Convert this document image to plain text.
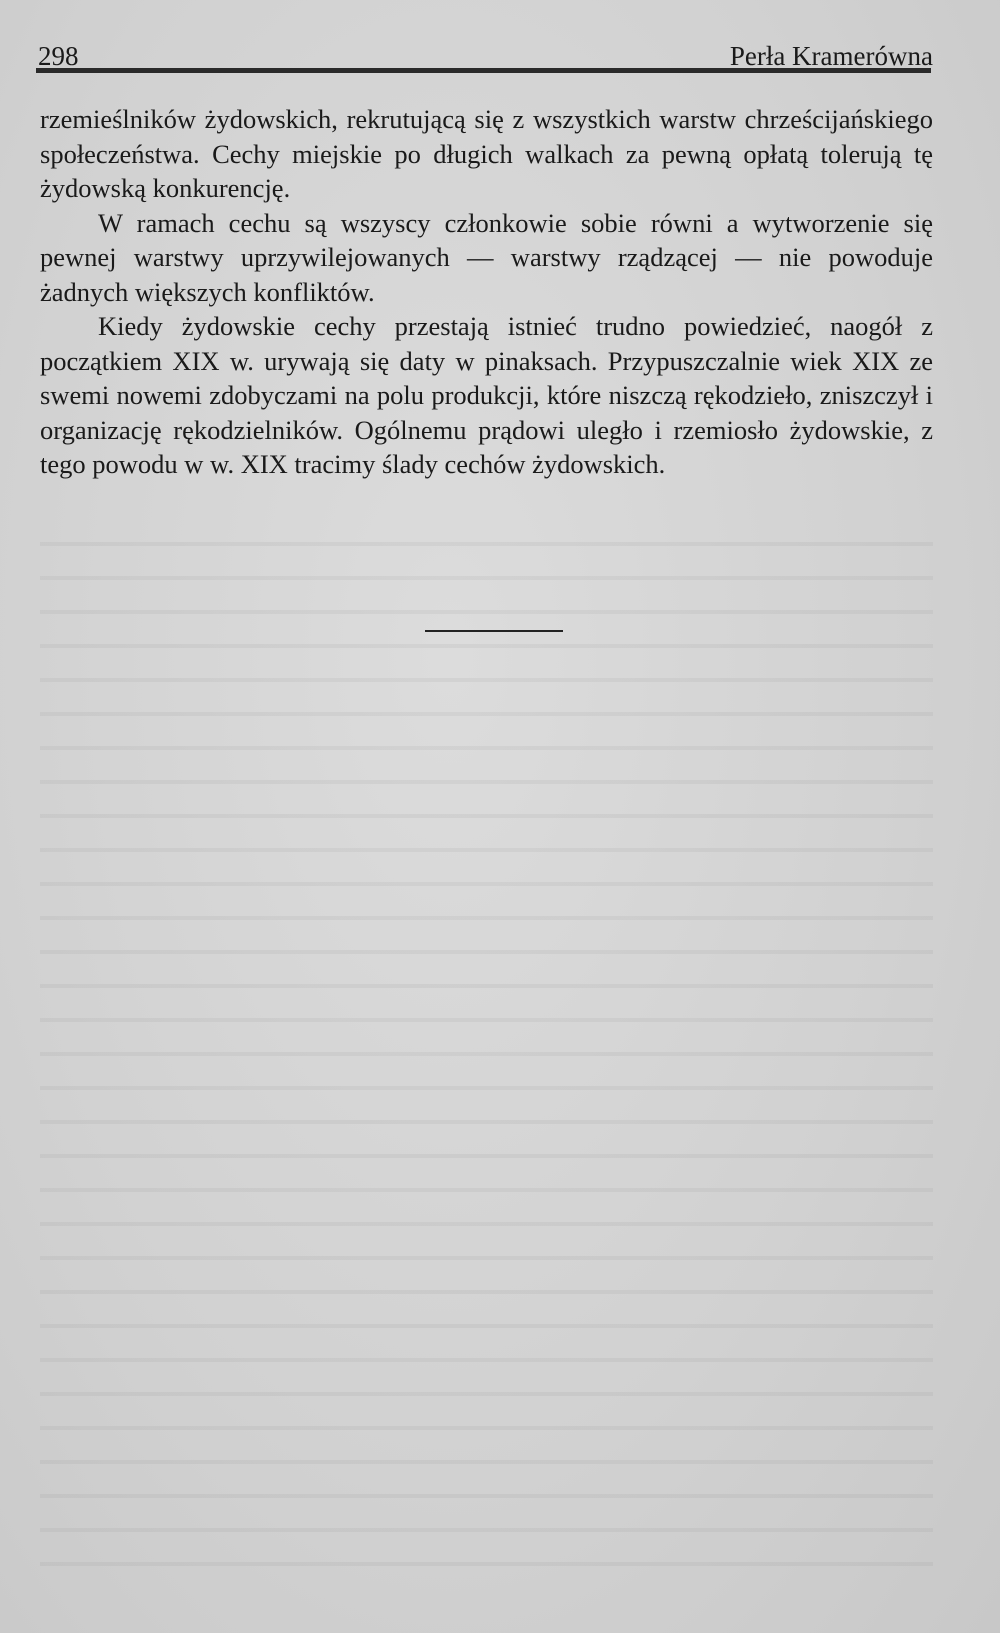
298	Perła Kramerówna

rzemieślników żydowskich, rekrutującą się z wszystkich warstw chrześcijańskiego społeczeństwa. Cechy miejskie po długich walkach za pewną opłatą tolerują tę żydowską konkurencję.

W ramach cechu są wszyscy członkowie sobie równi a wytworzenie się pewnej warstwy uprzywilejowanych — warstwy rządzącej — nie powoduje żadnych większych konfliktów.

Kiedy żydowskie cechy przestają istnieć trudno powiedzieć, naogół z początkiem XIX w. urywają się daty w pinaksach. Przypuszczalnie wiek XIX ze swemi nowemi zdobyczami na polu produkcji, które niszczą rękodzieło, zniszczył i organizację rękodzielników. Ogólnemu prądowi uległo i rzemiosło żydowskie, z tego powodu w w. XIX tracimy ślady cechów żydowskich.
